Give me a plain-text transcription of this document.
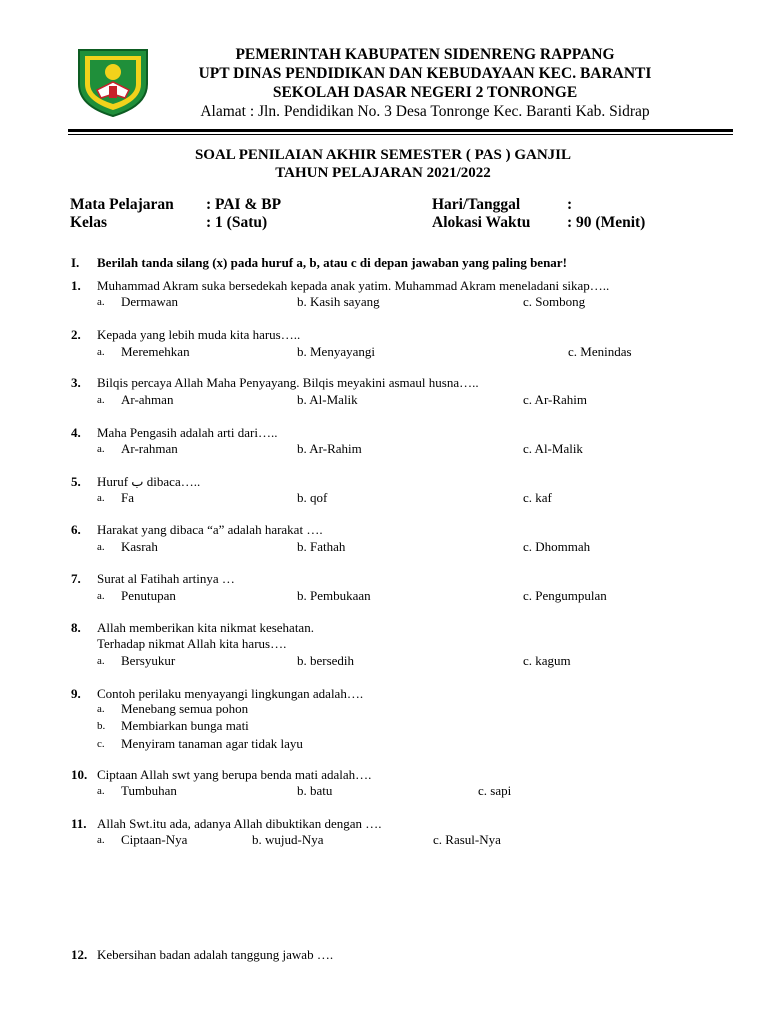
PEMERINTAH KABUPATEN SIDENRENG RAPPANG
UPT DINAS PENDIDIKAN DAN KEBUDAYAAN KEC. BARANTI
SEKOLAH DASAR NEGERI 2 TONRONGE
Alamat : Jln. Pendidikan No. 3 Desa Tonronge Kec. Baranti Kab. Sidrap
SOAL PENILAIAN AKHIR SEMESTER ( PAS ) GANJIL
TAHUN PELAJARAN 2021/2022
Mata Pelajaran : PAI & BP	Hari/Tanggal	:
Kelas	: 1 (Satu)	Alokasi Waktu : 90 (Menit)
I. Berilah tanda silang (x) pada huruf a, b, atau c di depan jawaban yang paling benar!
1. Muhammad Akram suka bersedekah kepada anak yatim. Muhammad Akram meneladani sikap…..
a. Dermawan	b. Kasih sayang	c. Sombong
2. Kepada yang lebih muda kita harus…..
a. Meremehkan	b. Menyayangi	c. Menindas
3. Bilqis percaya Allah Maha Penyayang. Bilqis meyakini asmaul husna…..
a. Ar-ahman	b. Al-Malik	c. Ar-Rahim
4. Maha Pengasih adalah arti dari…..
a. Ar-rahman	b. Ar-Rahim	c. Al-Malik
5. Huruf ب dibaca…..
a. Fa	b. qof	c. kaf
6. Harakat yang dibaca “a” adalah harakat ….
a. Kasrah	b. Fathah	c. Dhommah
7. Surat al Fatihah artinya …
a. Penutupan	b. Pembukaan	c. Pengumpulan
8. Allah memberikan kita nikmat kesehatan.
Terhadap nikmat Allah kita harus….
a. Bersyukur	b. bersedih	c. kagum
9. Contoh perilaku menyayangi lingkungan adalah….
a. Menebang semua pohon
b. Membiarkan bunga mati
c. Menyiram tanaman agar tidak layu
10. Ciptaan Allah swt yang berupa benda mati adalah….
a. Tumbuhan	b. batu	c. sapi
11. Allah Swt.itu ada, adanya Allah dibuktikan dengan ….
a. Ciptaan-Nya	b. wujud-Nya	c. Rasul-Nya
12. Kebersihan badan adalah tanggung jawab ….
